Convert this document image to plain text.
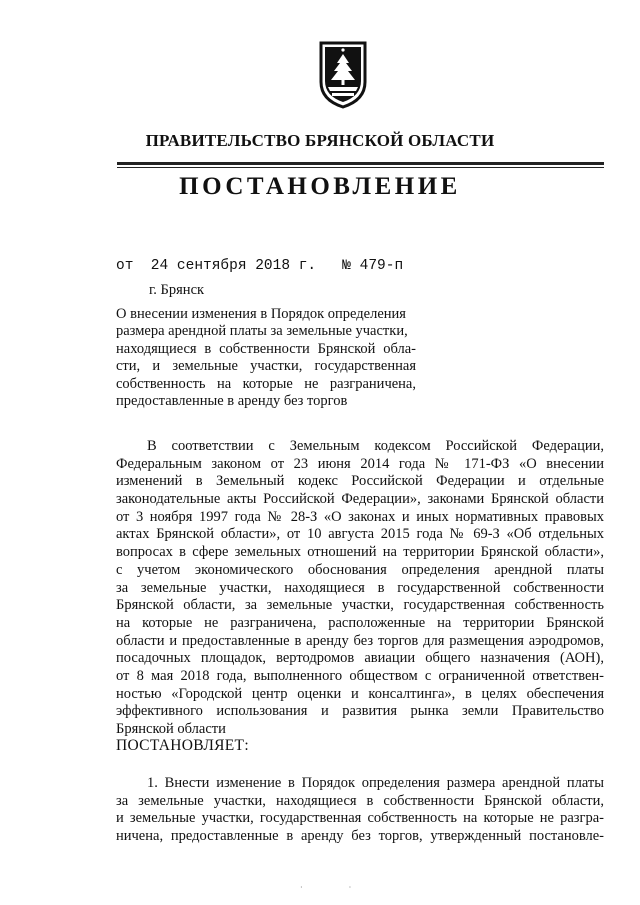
ПРАВИТЕЛЬСТВО БРЯНСКОЙ ОБЛАСТИ
ПОСТАНОВЛЕНИЕ
от  24 сентября 2018 г.   № 479-п
г. Брянск
О внесении изменения в Порядок определения
размера арендной платы за земельные участки,
находящиеся в собственности Брянской обла-
сти, и земельные участки, государственная
собственность на которые не разграничена,
предоставленные в аренду без торгов
В соответствии с Земельным кодексом Российской Федерации,
Федеральным законом от 23 июня 2014 года № 171-ФЗ «О внесении
изменений в Земельный кодекс Российской Федерации и отдельные
законодательные акты Российской Федерации», законами Брянской области
от 3 ноября 1997 года № 28-З «О законах и иных нормативных правовых
актах Брянской области», от 10 августа 2015 года № 69-З «Об отдельных
вопросах в сфере земельных отношений на территории Брянской области»,
с учетом экономического обоснования определения арендной платы
за земельные участки, находящиеся в государственной собственности
Брянской области, за земельные участки, государственная собственность
на которые не разграничена, расположенные на территории Брянской
области и предоставленные в аренду без торгов для размещения аэродромов,
посадочных площадок, вертодромов авиации общего назначения (АОН),
от 8 мая 2018 года, выполненного обществом с ограниченной ответствен-
ностью «Городской центр оценки и консалтинга», в целях обеспечения
эффективного использования и развития рынка земли Правительство
Брянской области
ПОСТАНОВЛЯЕТ:
1. Внести изменение в Порядок определения размера арендной платы
за земельные участки, находящиеся в собственности Брянской области,
и земельные участки, государственная собственность на которые не разгра-
ничена, предоставленные в аренду без торгов, утвержденный постановле-
· ·
